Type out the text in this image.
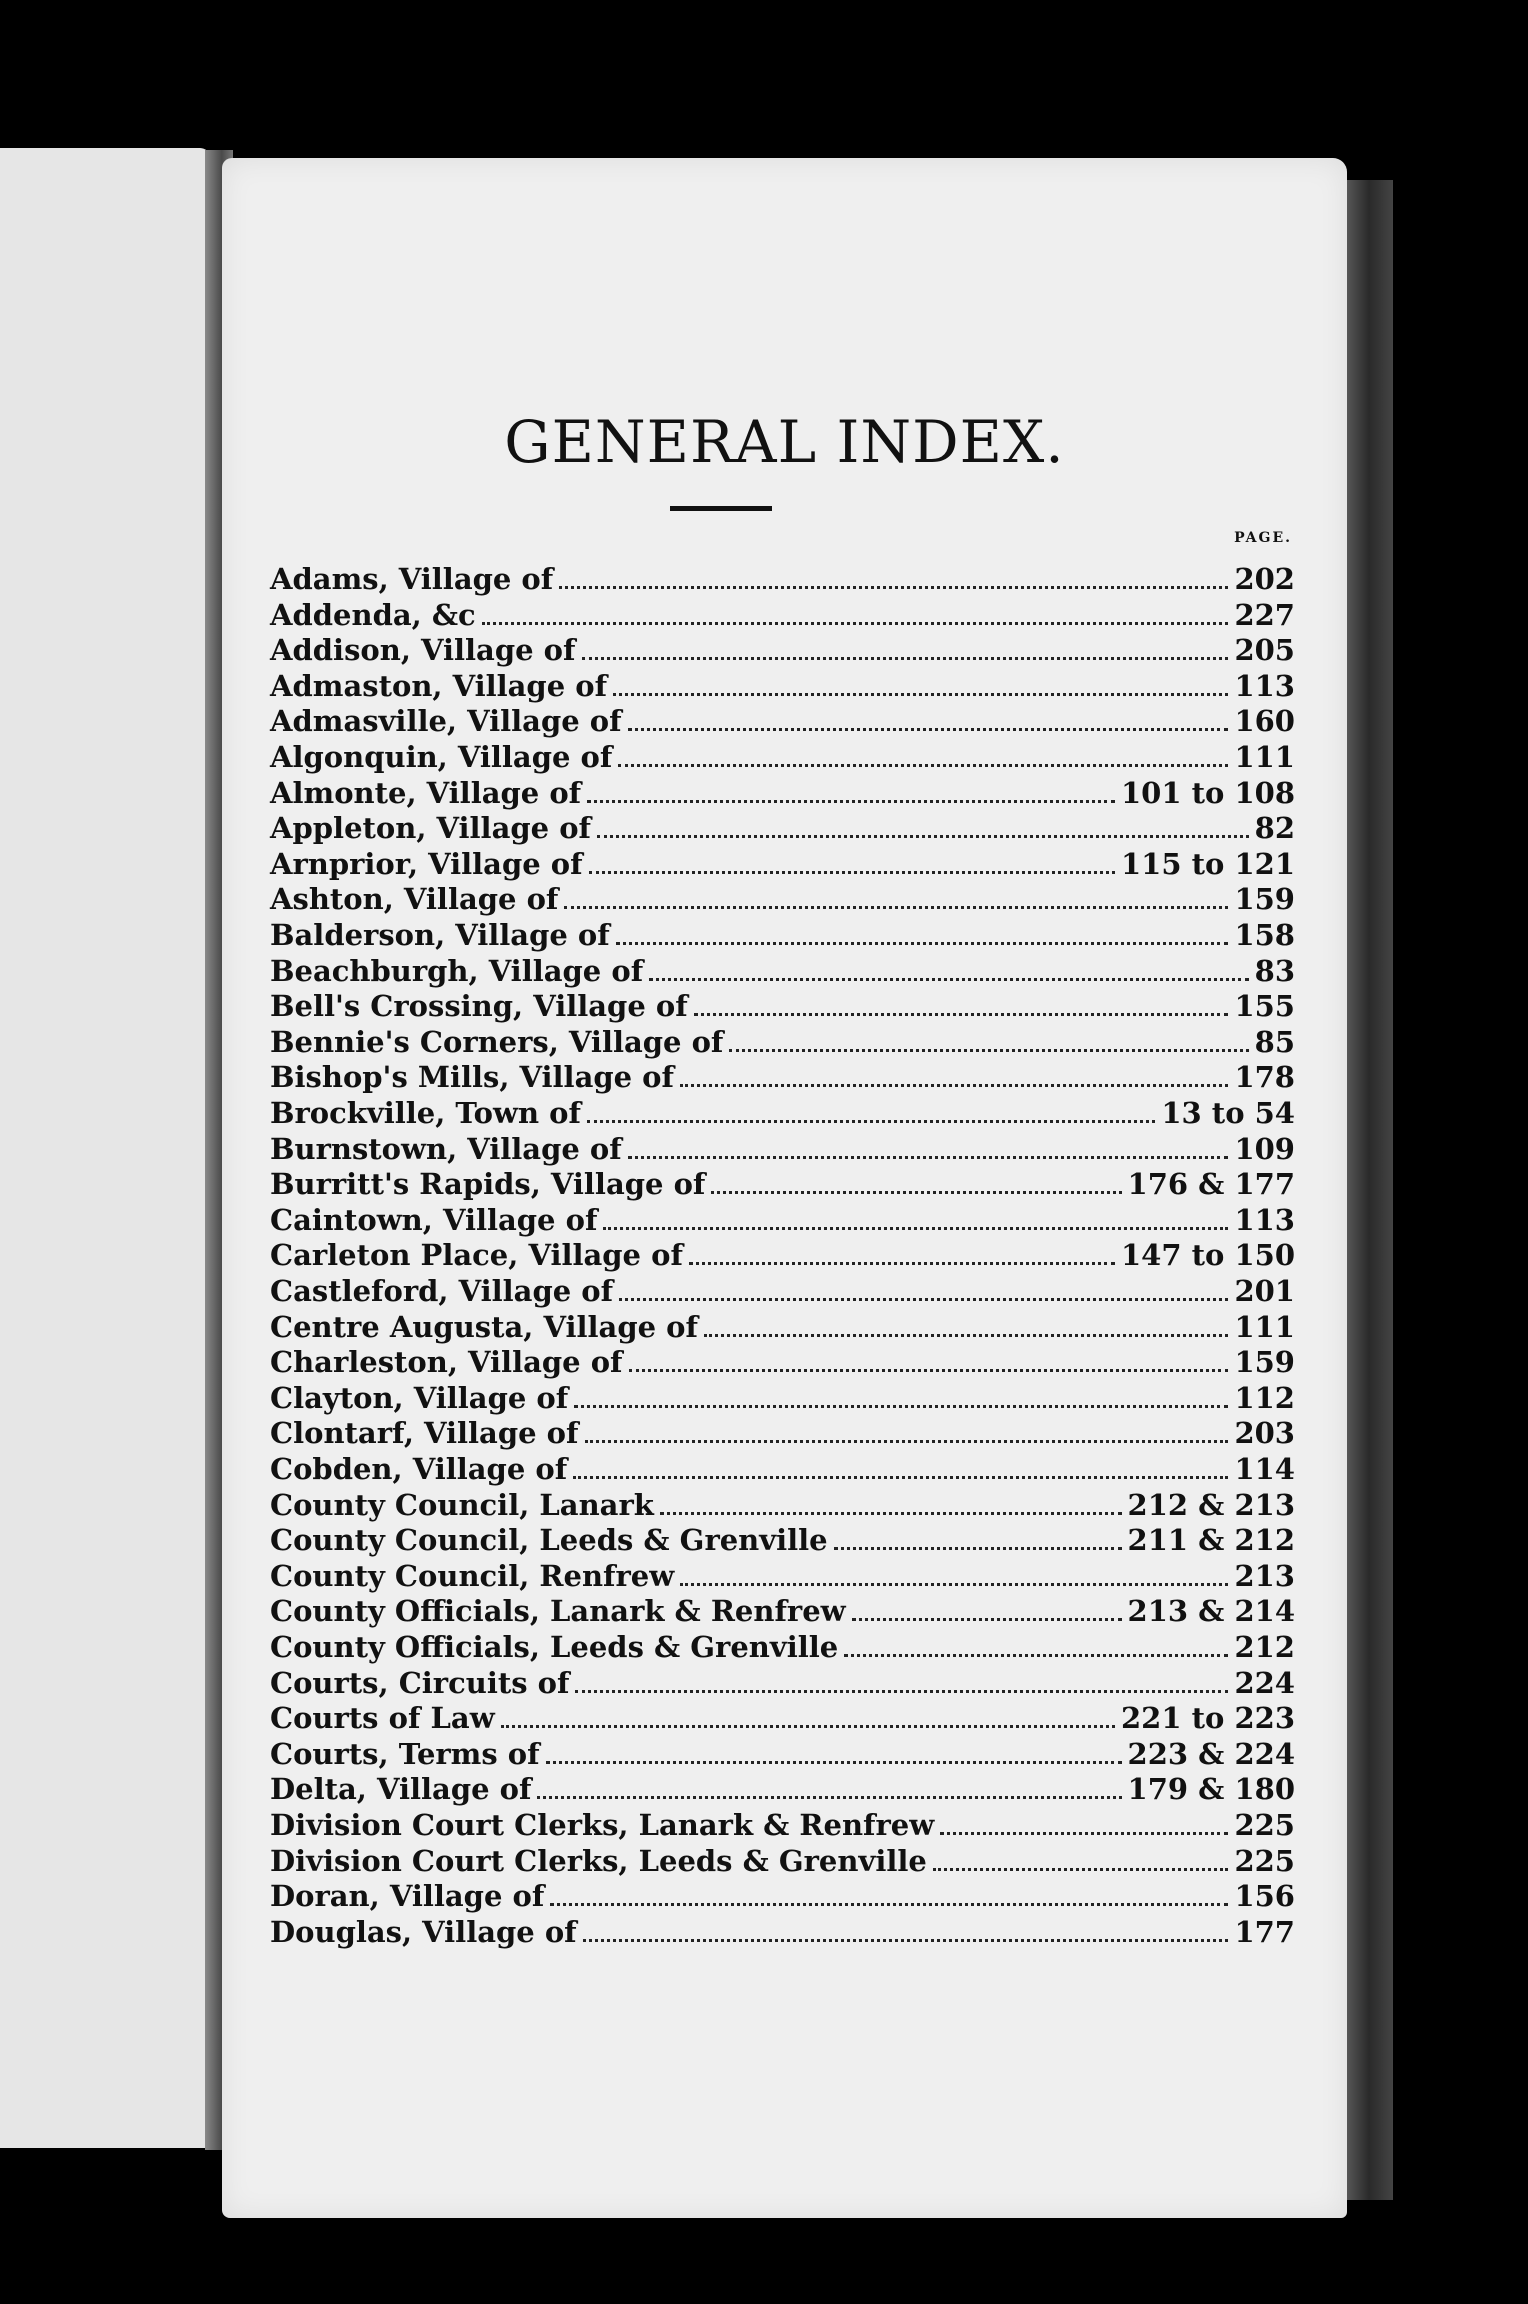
GENERAL INDEX.
PAGE.
Adams, Village of	202
Addenda, &c	227
Addison, Village of	205
Admaston, Village of	113
Admasville, Village of	160
Algonquin, Village of	111
Almonte, Village of	101 to 108
Appleton, Village of	82
Arnprior, Village of	115 to 121
Ashton, Village of	159
Balderson, Village of	158
Beachburgh, Village of	83
Bell's Crossing, Village of	155
Bennie's Corners, Village of	85
Bishop's Mills, Village of	178
Brockville, Town of	13 to 54
Burnstown, Village of	109
Burritt's Rapids, Village of	176 & 177
Caintown, Village of	113
Carleton Place, Village of	147 to 150
Castleford, Village of	201
Centre Augusta, Village of	111
Charleston, Village of	159
Clayton, Village of	112
Clontarf, Village of	203
Cobden, Village of	114
County Council, Lanark	212 & 213
County Council, Leeds & Grenville	211 & 212
County Council, Renfrew	213
County Officials, Lanark & Renfrew	213 & 214
County Officials, Leeds & Grenville	212
Courts, Circuits of	224
Courts of Law	221 to 223
Courts, Terms of	223 & 224
Delta, Village of	179 & 180
Division Court Clerks, Lanark & Renfrew	225
Division Court Clerks, Leeds & Grenville	225
Doran, Village of	156
Douglas, Village of	177
